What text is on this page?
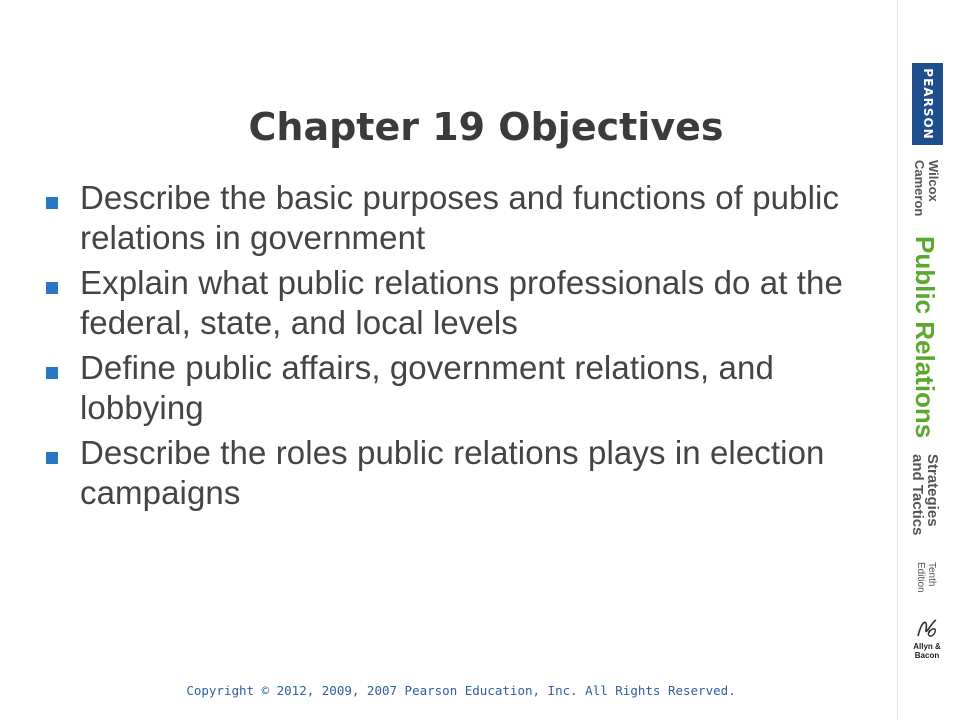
Chapter 19 Objectives
Describe the basic purposes and functions of public relations in government
Explain what public relations professionals do at the federal, state, and local levels
Define public affairs, government relations, and lobbying
Describe the roles public relations plays in election campaigns
Copyright © 2012, 2009, 2007 Pearson Education, Inc. All Rights Reserved.
PEARSON
Wilcox
Cameron
Public Relations
Strategies
and Tactics
Tenth
Edition
Allyn &
Bacon
